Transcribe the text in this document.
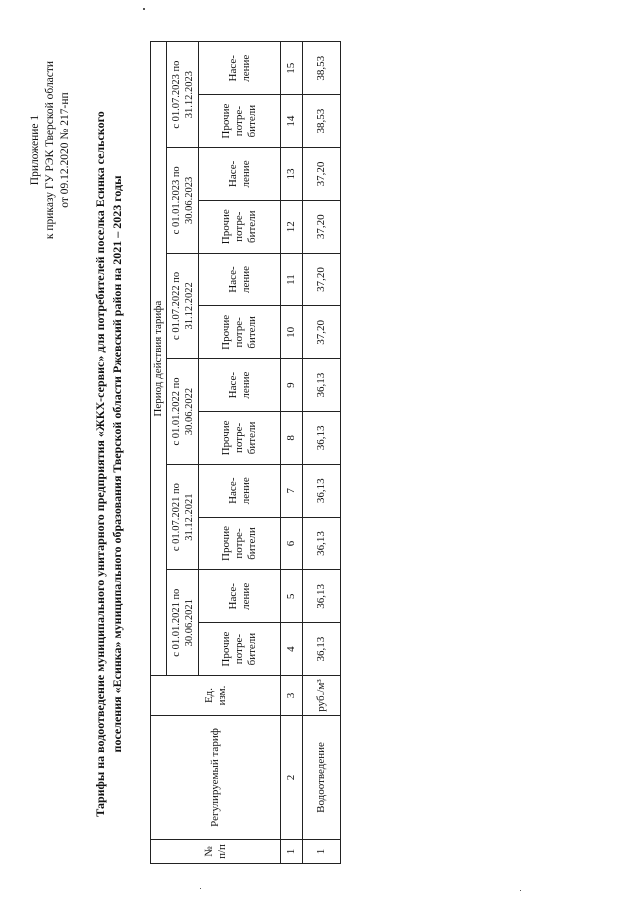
Приложение 1 к приказу ГУ РЭК Тверской области от 09.12.2020 № 217-нп Тарифы на водоотведение муниципального унитарного предприятия «ЖКХ-сервис» для потребителей поселка Есинка сельского поселения «Есинка» муниципального образования Тверской области Ржевский район на 2021 – 2023 годы
№ п/п	Регулируемый тариф	Ед. изм.	Период действия тарифа											
			с 01.01.2021 по 30.06.2021		с 01.07.2021 по 31.12.2021		с 01.01.2022 по 30.06.2022		с 01.07.2022 по 31.12.2022		с 01.01.2023 по 30.06.2023		с 01.07.2023 по 31.12.2023	
			Прочие потре- бители	Насе- ление	Прочие потре- бители	Насе- ление	Прочие потре- бители	Насе- ление	Прочие потре- бители	Насе- ление	Прочие потре- бители	Насе- ление	Прочие потре- бители	Насе- ление
1	2	3	4	5	6	7	8	9	10	11	12	13	14	15
1	Водоотведение	руб./м³	36,13	36,13	36,13	36,13	36,13	36,13	37,20	37,20	37,20	37,20	38,53	38,53
